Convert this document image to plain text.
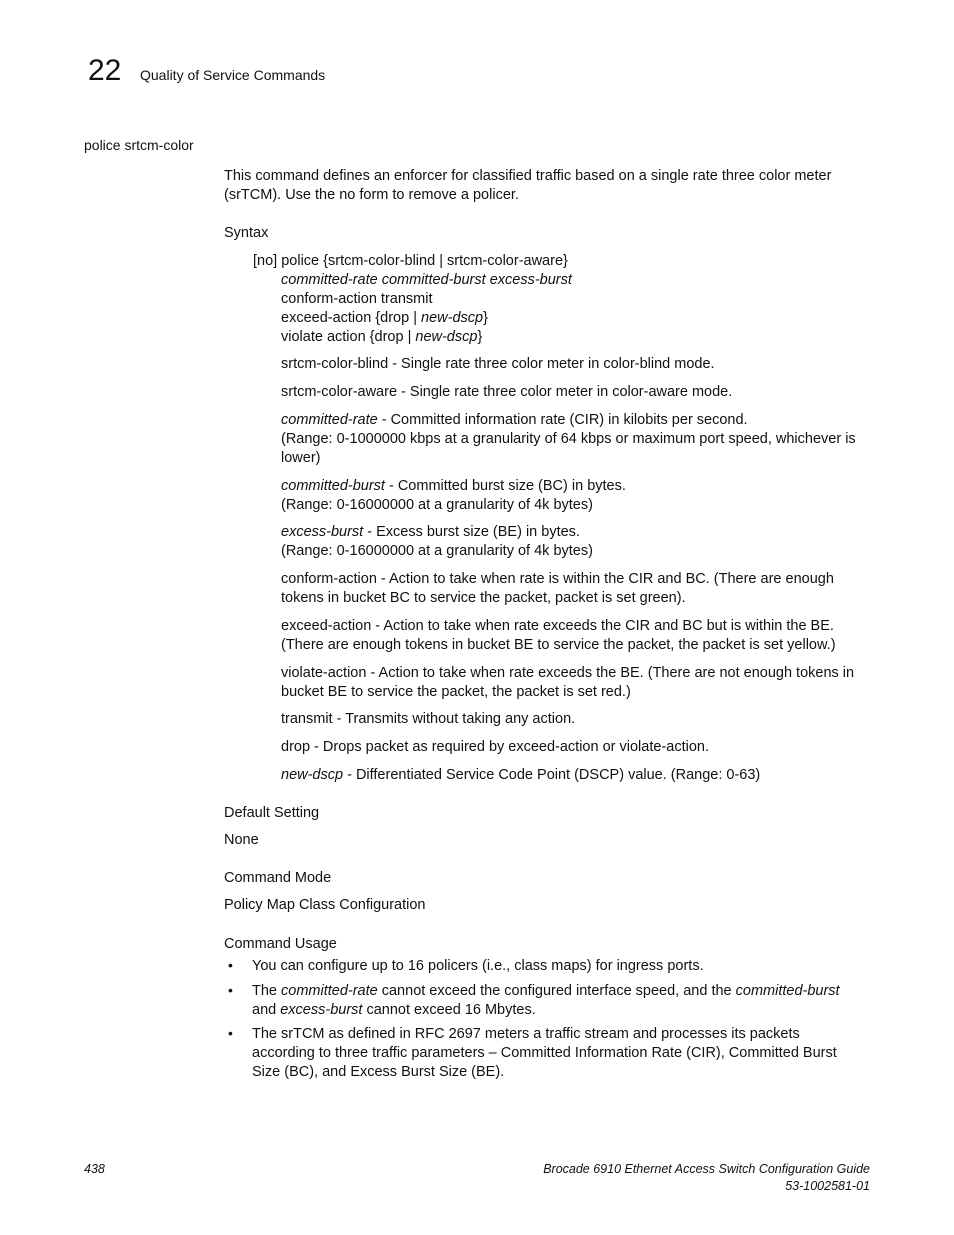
22 Quality of Service Commands
police srtcm-color
This command defines an enforcer for classified traffic based on a single rate three color meter (srTCM). Use the no form to remove a policer.
Syntax
[no] police {srtcm-color-blind | srtcm-color-aware}
committed-rate committed-burst excess-burst
conform-action transmit
exceed-action {drop | new-dscp}
violate action {drop | new-dscp}
srtcm-color-blind - Single rate three color meter in color-blind mode.
srtcm-color-aware - Single rate three color meter in color-aware mode.
committed-rate - Committed information rate (CIR) in kilobits per second.
(Range: 0-1000000 kbps at a granularity of 64 kbps or maximum port speed, whichever is lower)
committed-burst - Committed burst size (BC) in bytes.
(Range: 0-16000000 at a granularity of 4k bytes)
excess-burst - Excess burst size (BE) in bytes.
(Range: 0-16000000 at a granularity of 4k bytes)
conform-action - Action to take when rate is within the CIR and BC. (There are enough tokens in bucket BC to service the packet, packet is set green).
exceed-action - Action to take when rate exceeds the CIR and BC but is within the BE. (There are enough tokens in bucket BE to service the packet, the packet is set yellow.)
violate-action - Action to take when rate exceeds the BE. (There are not enough tokens in bucket BE to service the packet, the packet is set red.)
transmit - Transmits without taking any action.
drop - Drops packet as required by exceed-action or violate-action.
new-dscp - Differentiated Service Code Point (DSCP) value. (Range: 0-63)
Default Setting
None
Command Mode
Policy Map Class Configuration
Command Usage
• You can configure up to 16 policers (i.e., class maps) for ingress ports.
• The committed-rate cannot exceed the configured interface speed, and the committed-burst and excess-burst cannot exceed 16 Mbytes.
• The srTCM as defined in RFC 2697 meters a traffic stream and processes its packets according to three traffic parameters – Committed Information Rate (CIR), Committed Burst Size (BC), and Excess Burst Size (BE).
438	Brocade 6910 Ethernet Access Switch Configuration Guide
53-1002581-01
